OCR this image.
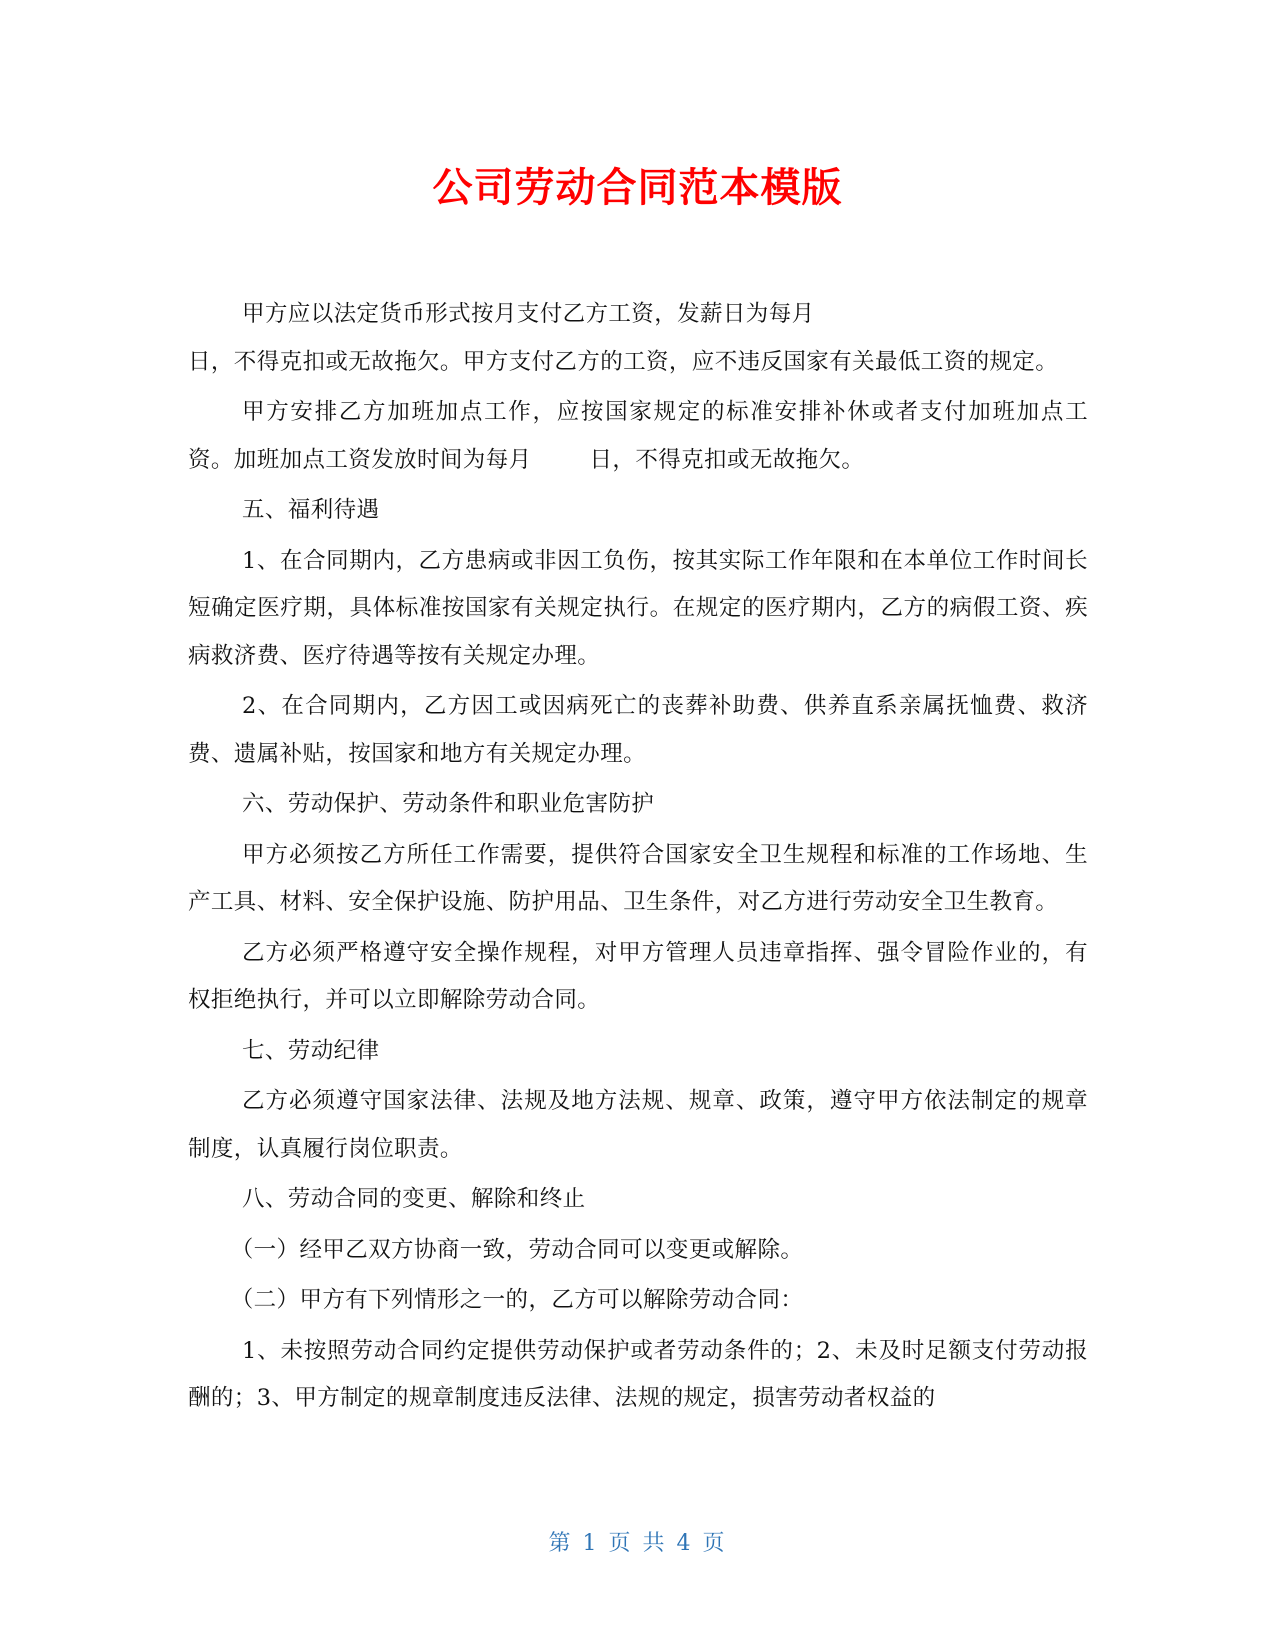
公司劳动合同范本模版

甲方应以法定货币形式按月支付乙方工资，发薪日为每月
日，不得克扣或无故拖欠。甲方支付乙方的工资，应不违反国家有关最低工资的规定。

甲方安排乙方加班加点工作，应按国家规定的标准安排补休或者支付加班加点工资。加班加点工资发放时间为每月	日，不得克扣或无故拖欠。

五、福利待遇

1、在合同期内，乙方患病或非因工负伤，按其实际工作年限和在本单位工作时间长短确定医疗期，具体标准按国家有关规定执行。在规定的医疗期内，乙方的病假工资、疾病救济费、医疗待遇等按有关规定办理。

2、在合同期内，乙方因工或因病死亡的丧葬补助费、供养直系亲属抚恤费、救济费、遗属补贴，按国家和地方有关规定办理。

六、劳动保护、劳动条件和职业危害防护

甲方必须按乙方所任工作需要，提供符合国家安全卫生规程和标准的工作场地、生产工具、材料、安全保护设施、防护用品、卫生条件，对乙方进行劳动安全卫生教育。

乙方必须严格遵守安全操作规程，对甲方管理人员违章指挥、强令冒险作业的，有权拒绝执行，并可以立即解除劳动合同。

七、劳动纪律

乙方必须遵守国家法律、法规及地方法规、规章、政策，遵守甲方依法制定的规章制度，认真履行岗位职责。

八、劳动合同的变更、解除和终止

（一）经甲乙双方协商一致，劳动合同可以变更或解除。

（二）甲方有下列情形之一的，乙方可以解除劳动合同：

1、未按照劳动合同约定提供劳动保护或者劳动条件的；2、未及时足额支付劳动报酬的；3、甲方制定的规章制度违反法律、法规的规定，损害劳动者权益的

第 1 页 共 4 页
